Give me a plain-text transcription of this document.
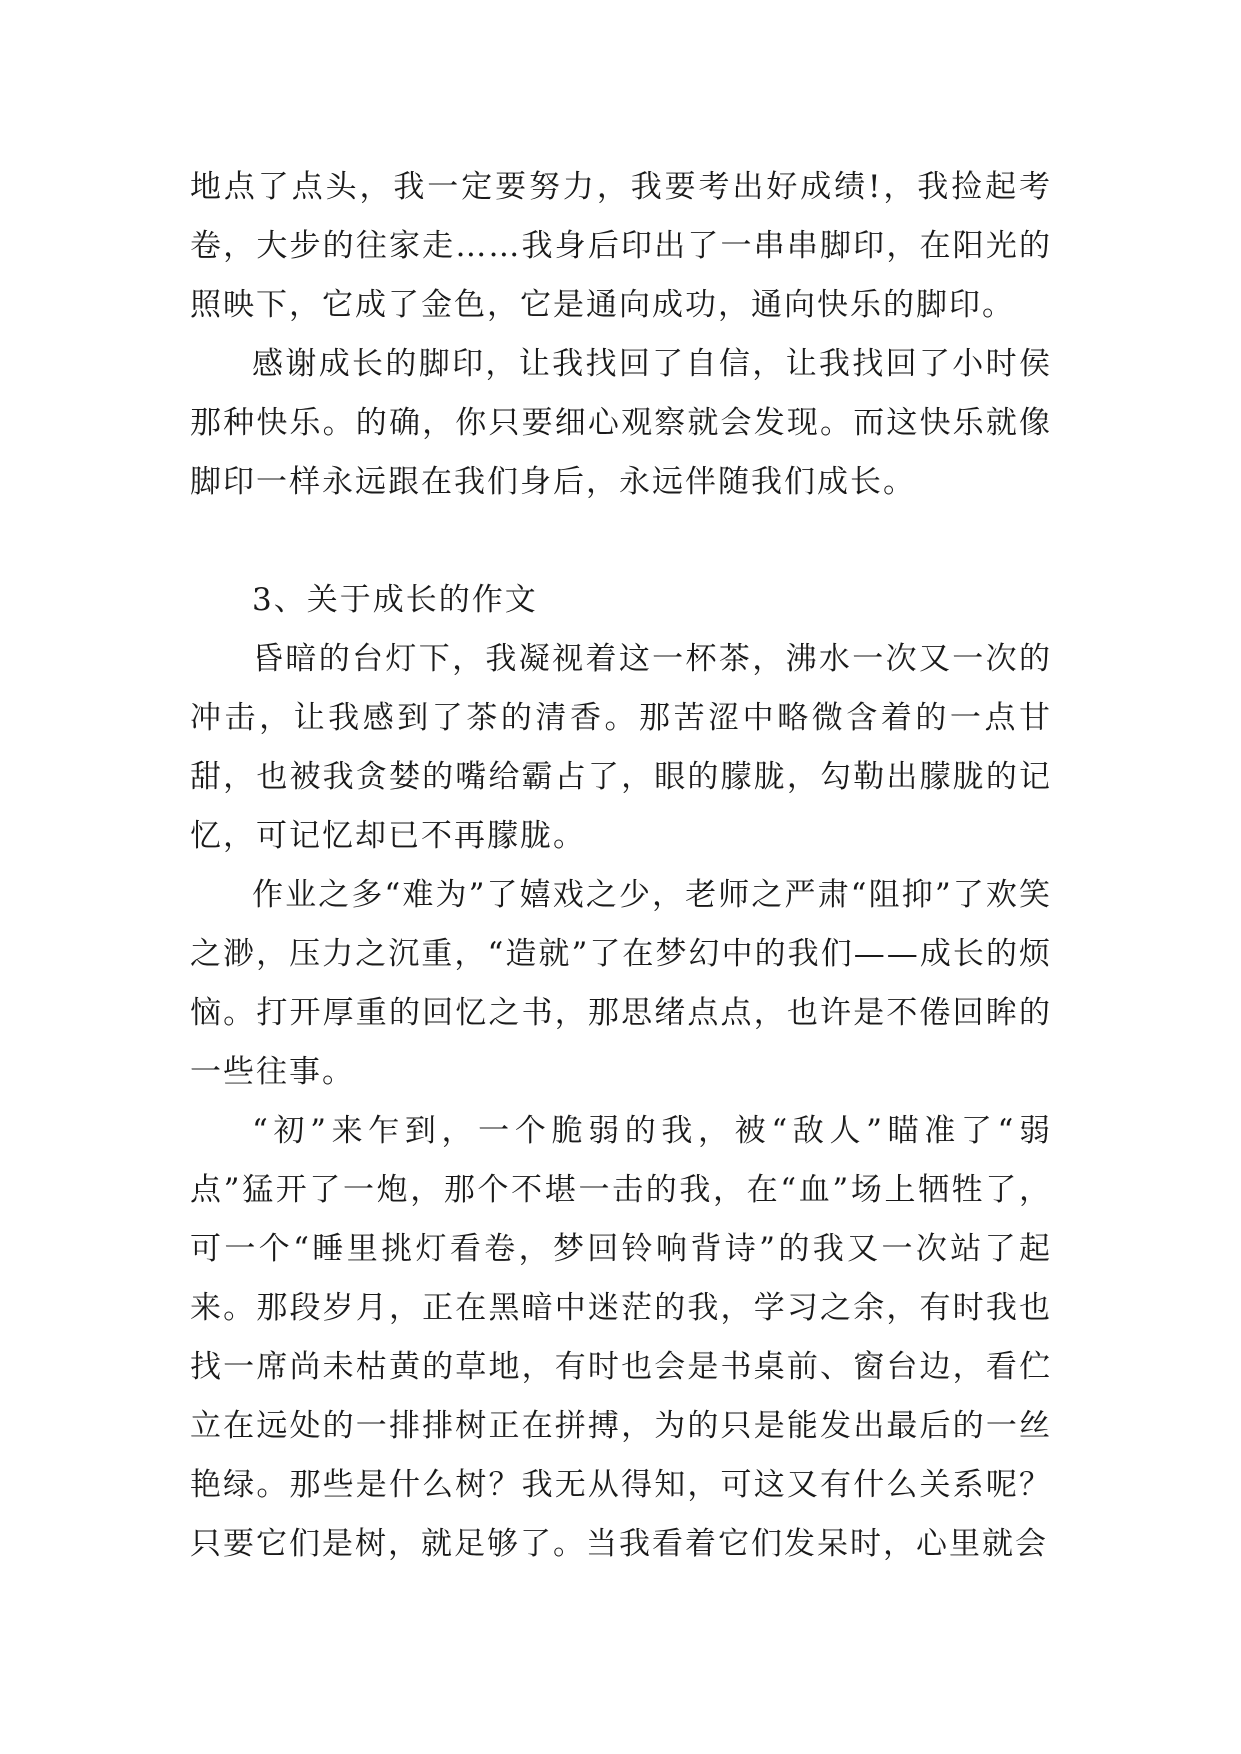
地点了点头，我一定要努力，我要考出好成绩!，我捡起考卷，大步的往家走……我身后印出了一串串脚印，在阳光的照映下，它成了金色，它是通向成功，通向快乐的脚印。

感谢成长的脚印，让我找回了自信，让我找回了小时侯那种快乐。的确，你只要细心观察就会发现。而这快乐就像脚印一样永远跟在我们身后，永远伴随我们成长。

3、关于成长的作文

昏暗的台灯下，我凝视着这一杯茶，沸水一次又一次的冲击，让我感到了茶的清香。那苦涩中略微含着的一点甘甜，也被我贪婪的嘴给霸占了，眼的朦胧，勾勒出朦胧的记忆，可记忆却已不再朦胧。

作业之多“难为”了嬉戏之少，老师之严肃“阻抑”了欢笑之渺，压力之沉重，“造就”了在梦幻中的我们——成长的烦恼。打开厚重的回忆之书，那思绪点点，也许是不倦回眸的一些往事。

“初”来乍到，一个脆弱的我，被“敌人”瞄准了“弱点”猛开了一炮，那个不堪一击的我，在“血”场上牺牲了，可一个“睡里挑灯看卷，梦回铃响背诗”的我又一次站了起来。那段岁月，正在黑暗中迷茫的我，学习之余，有时我也找一席尚未枯黄的草地，有时也会是书桌前、窗台边，看伫立在远处的一排排树正在拼搏，为的只是能发出最后的一丝艳绿。那些是什么树？我无从得知，可这又有什么关系呢？只要它们是树，就足够了。当我看着它们发呆时，心里就会
